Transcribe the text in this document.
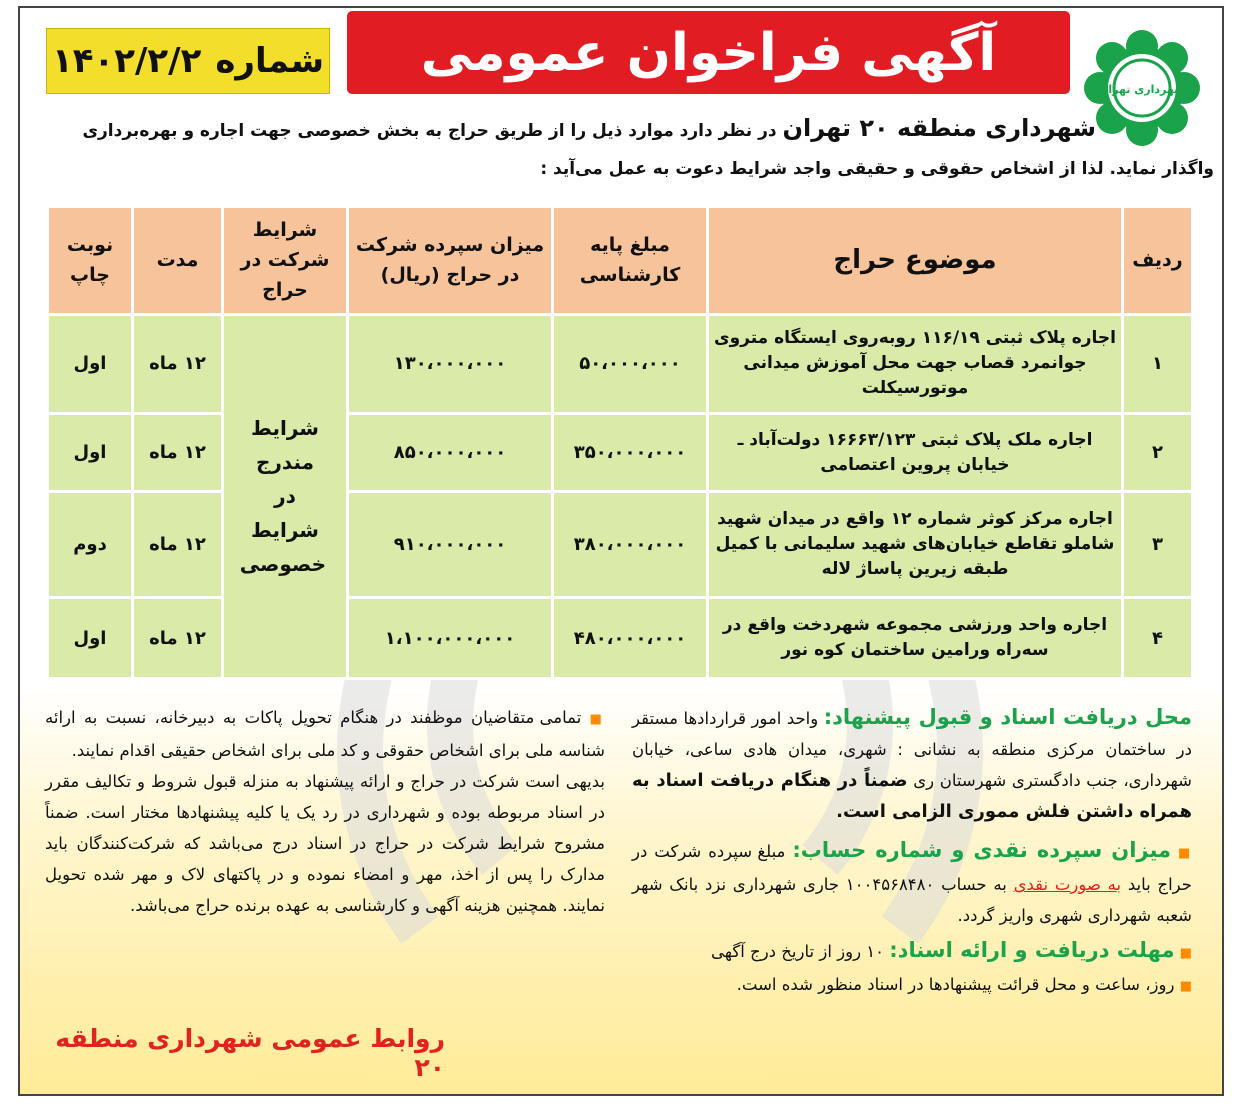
شهرداری تهران
آگهی فراخوان عمومی
شماره
۱۴۰۲/۲/۲
شهرداری منطقه ۲۰ تهران در نظر دارد موارد ذیل را از طریق حراج به بخش خصوصی جهت اجاره و بهره‌برداری
واگذار نماید. لذا از اشخاص حقوقی و حقیقی واجد شرایط دعوت به عمل می‌آید :
ردیف	موضوع حراج	مبلغ پایه کارشناسی	میزان سپرده شرکت در حراج (ریال)	شرایط شرکت در حراج	مدت	نوبت چاپ
۱	اجاره پلاک ثبتی ۱۱۶/۱۹ روبه‌روی ایستگاه متروی جوانمرد قصاب جهت محل آموزش میدانی موتورسیکلت	۵۰،۰۰۰،۰۰۰	۱۳۰،۰۰۰،۰۰۰	شرایط مندرج در شرایط خصوصی	۱۲ ماه	اول
۲	اجاره ملک پلاک ثبتی ۱۶۶۶۳/۱۲۳ دولت‌آباد ـ خیابان پروین اعتصامی	۳۵۰،۰۰۰،۰۰۰	۸۵۰،۰۰۰،۰۰۰		۱۲ ماه	اول
۳	اجاره مرکز کوثر شماره ۱۲ واقع در میدان شهید شاملو تقاطع خیابان‌های شهید سلیمانی با کمیل طبقه زیرین پاساژ لاله	۳۸۰،۰۰۰،۰۰۰	۹۱۰،۰۰۰،۰۰۰		۱۲ ماه	دوم
۴	اجاره واحد ورزشی مجموعه شهردخت واقع در سه‌راه ورامین ساختمان کوه نور	۴۸۰،۰۰۰،۰۰۰	۱،۱۰۰،۰۰۰،۰۰۰		۱۲ ماه	اول

محل دریافت اسناد و قبول پیشنهاد: واحد امور قراردادها مستقر در ساختمان مرکزی منطقه به نشانی : شهری، میدان هادی ساعی، خیابان شهرداری، جنب دادگستری شهرستان ری ضمناً در هنگام دریافت اسناد به همراه داشتن فلش مموری الزامی است.

■ میزان سپرده نقدی و شماره حساب: مبلغ سپرده شرکت در حراج باید به صورت نقدی به حساب ۱۰۰۴۵۶۸۴۸۰ جاری شهرداری نزد بانک شهر شعبه شهرداری شهری واریز گردد.

■ مهلت دریافت و ارائه اسناد: ۱۰ روز از تاریخ درج آگهی

■ روز، ساعت و محل قرائت پیشنهادها در اسناد منظور شده است.

■ تمامی متقاضیان موظفند در هنگام تحویل پاکات به دبیرخانه، نسبت به ارائه شناسه ملی برای اشخاص حقوقی و کد ملی برای اشخاص حقیقی اقدام نمایند.

بدیهی است شرکت در حراج و ارائه پیشنهاد به منزله قبول شروط و تکالیف مقرر در اسناد مربوطه بوده و شهرداری در رد یک یا کلیه پیشنهادها مختار است. ضمناً مشروح شرایط شرکت در حراج در اسناد درج می‌باشد که شرکت‌کنندگان باید مدارک را پس از اخذ، مهر و امضاء نموده و در پاکتهای لاک و مهر شده تحویل نمایند. همچنین هزینه آگهی و کارشناسی به عهده برنده حراج می‌باشد.

روابط عمومی شهرداری منطقه ۲۰
